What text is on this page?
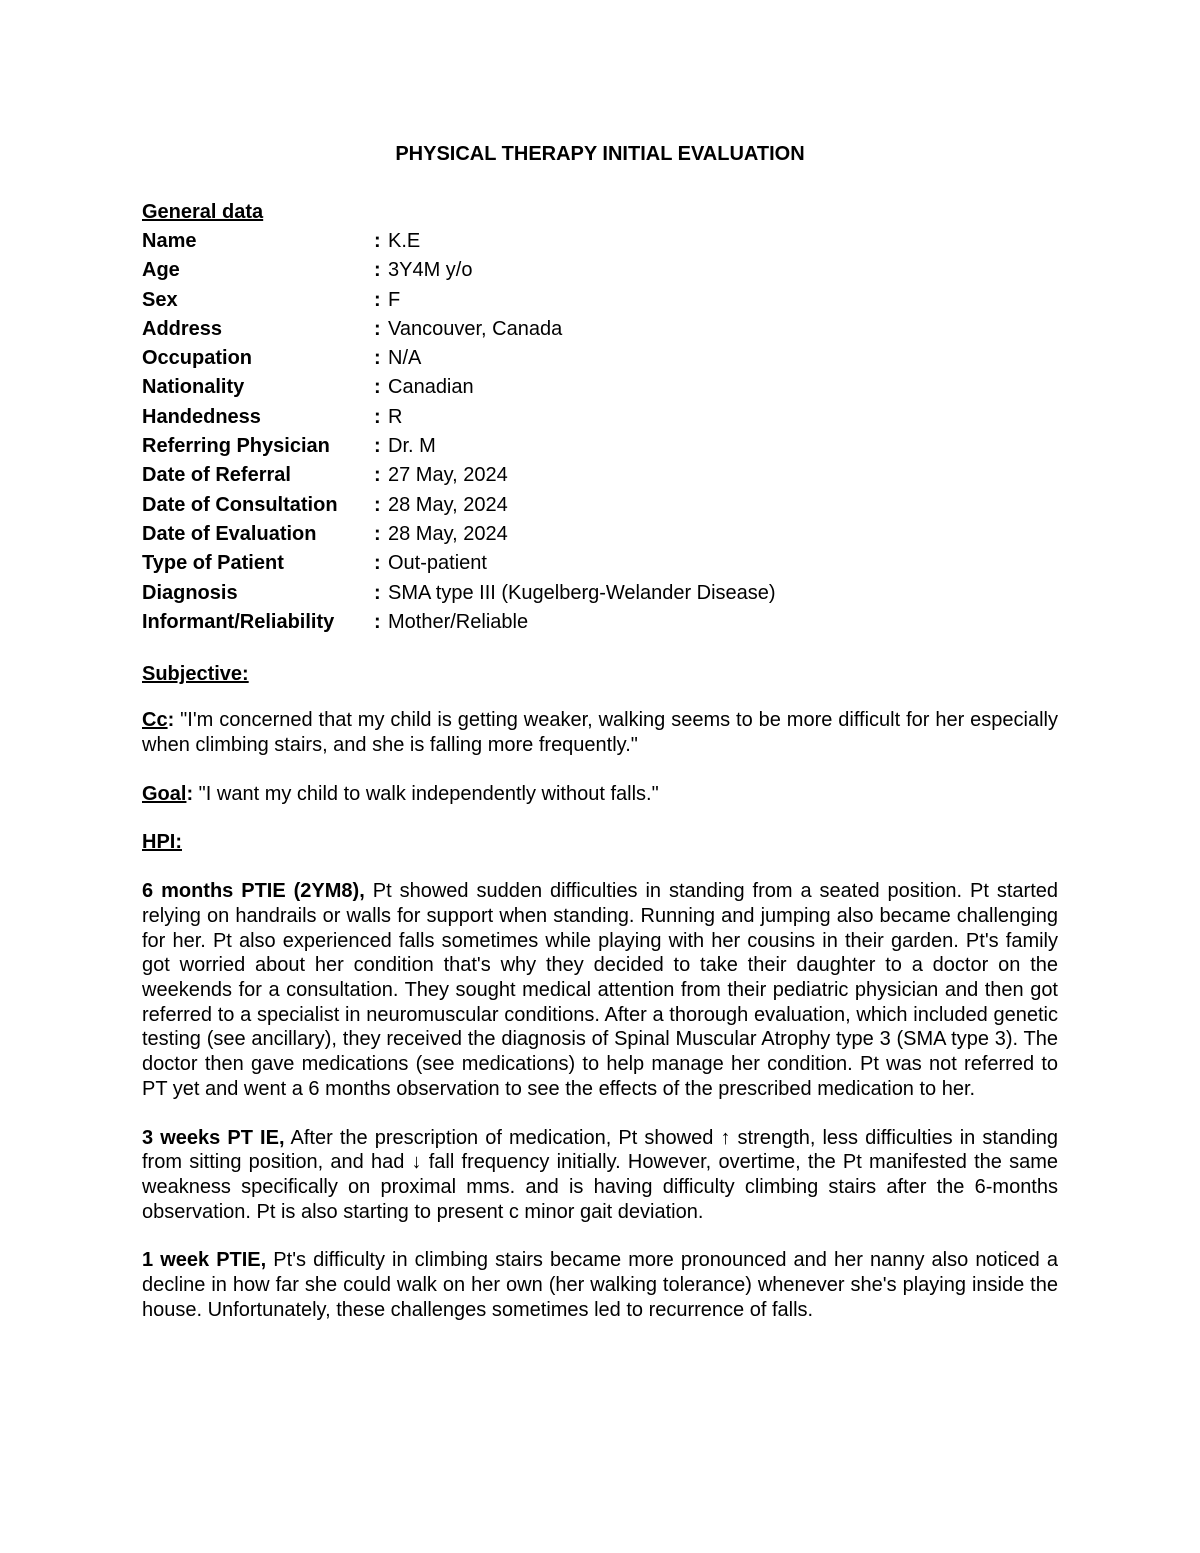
PHYSICAL THERAPY INITIAL EVALUATION
General data
Name	: K.E
Age	: 3Y4M y/o
Sex	: F
Address	: Vancouver, Canada
Occupation	: N/A
Nationality	: Canadian
Handedness	: R
Referring Physician	: Dr. M
Date of Referral	: 27 May, 2024
Date of Consultation	: 28 May, 2024
Date of Evaluation	: 28 May, 2024
Type of Patient	: Out-patient
Diagnosis	: SMA type III (Kugelberg-Welander Disease)
Informant/Reliability	: Mother/Reliable
Subjective:

Cc: "I'm concerned that my child is getting weaker, walking seems to be more difficult for her especially when climbing stairs, and she is falling more frequently."

Goal: "I want my child to walk independently without falls."

HPI:

6 months PTIE (2YM8), Pt showed sudden difficulties in standing from a seated position. Pt started relying on handrails or walls for support when standing. Running and jumping also became challenging for her. Pt also experienced falls sometimes while playing with her cousins in their garden. Pt's family got worried about her condition that's why they decided to take their daughter to a doctor on the weekends for a consultation. They sought medical attention from their pediatric physician and then got referred to a specialist in neuromuscular conditions. After a thorough evaluation, which included genetic testing (see ancillary), they received the diagnosis of Spinal Muscular Atrophy type 3 (SMA type 3). The doctor then gave medications (see medications) to help manage her condition. Pt was not referred to PT yet and went a 6 months observation to see the effects of the prescribed medication to her.

3 weeks PT IE, After the prescription of medication, Pt showed ↑ strength, less difficulties in standing from sitting position, and had ↓ fall frequency initially. However, overtime, the Pt manifested the same weakness specifically on proximal mms. and is having difficulty climbing stairs after the 6-months observation. Pt is also starting to present c minor gait deviation.

1 week PTIE, Pt's difficulty in climbing stairs became more pronounced and her nanny also noticed a decline in how far she could walk on her own (her walking tolerance) whenever she's playing inside the house. Unfortunately, these challenges sometimes led to recurrence of falls.
